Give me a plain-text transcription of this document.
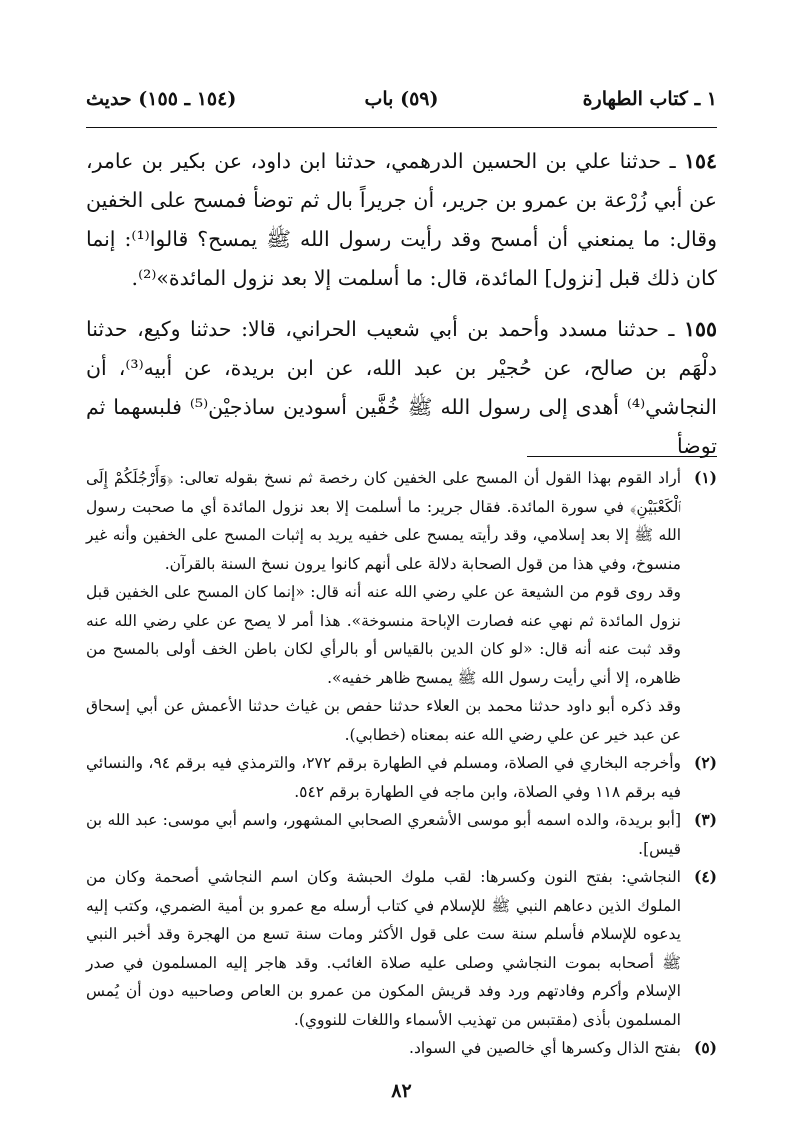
١ ـ كتاب الطهارة
(٥٩) باب
(١٥٤ ـ ١٥٥) حديث

١٥٤ ـ حدثنا علي بن الحسين الدرهمي، حدثنا ابن داود، عن بكير بن عامر، عن أبي زُرْعة بن عمرو بن جرير، أن جريراً بال ثم توضأ فمسح على الخفين وقال: ما يمنعني أن أمسح وقد رأيت رسول الله ﷺ يمسح؟ قالوا⁽¹⁾: إنما كان ذلك قبل [نزول] المائدة، قال: ما أسلمت إلا بعد نزول المائدة»⁽²⁾.

١٥٥ ـ حدثنا مسدد وأحمد بن أبي شعيب الحراني، قالا: حدثنا وكيع، حدثنا دلْهَم بن صالح، عن حُجيْر بن عبد الله، عن ابن بريدة، عن أبيه⁽³⁾، أن النجاشي⁽⁴⁾ أهدى إلى رسول الله ﷺ خُفَّين أسودين ساذجيْن⁽⁵⁾ فلبسهما ثم توضأ

(١)

أراد القوم بهذا القول أن المسح على الخفين كان رخصة ثم نسخ بقوله تعالى: ﴿وَأَرْجُلَكُمْ إِلَى ٱلْكَعْبَيْنِ﴾ في سورة المائدة. فقال جرير: ما أسلمت إلا بعد نزول المائدة أي ما صحبت رسول الله ﷺ إلا بعد إسلامي، وقد رأيته يمسح على خفيه يريد به إثبات المسح على الخفين وأنه غير منسوخ، وفي هذا من قول الصحابة دلالة على أنهم كانوا يرون نسخ السنة بالقرآن.

وقد روى قوم من الشيعة عن علي رضي الله عنه أنه قال: «إنما كان المسح على الخفين قبل نزول المائدة ثم نهي عنه فصارت الإباحة منسوخة». هذا أمر لا يصح عن علي رضي الله عنه وقد ثبت عنه أنه قال: «لو كان الدين بالقياس أو بالرأي لكان باطن الخف أولى بالمسح من ظاهره، إلا أني رأيت رسول الله ﷺ يمسح ظاهر خفيه».

وقد ذكره أبو داود حدثنا محمد بن العلاء حدثنا حفص بن غياث حدثنا الأعمش عن أبي إسحاق عن عبد خير عن علي رضي الله عنه بمعناه (خطابي).

(٢)

وأخرجه البخاري في الصلاة، ومسلم في الطهارة برقم ٢٧٢، والترمذي فيه برقم ٩٤، والنسائي فيه برقم ١١٨ وفي الصلاة، وابن ماجه في الطهارة برقم ٥٤٢.

(٣)

[أبو بريدة، والده اسمه أبو موسى الأشعري الصحابي المشهور، واسم أبي موسى: عبد الله بن قيس].

(٤)

النجاشي: بفتح النون وكسرها: لقب ملوك الحبشة وكان اسم النجاشي أصحمة وكان من الملوك الذين دعاهم النبي ﷺ للإسلام في كتاب أرسله مع عمرو بن أمية الضمري، وكتب إليه يدعوه للإسلام فأسلم سنة ست على قول الأكثر ومات سنة تسع من الهجرة وقد أخبر النبي ﷺ أصحابه بموت النجاشي وصلى عليه صلاة الغائب. وقد هاجر إليه المسلمون في صدر الإسلام وأكرم وفادتهم ورد وفد قريش المكون من عمرو بن العاص وصاحبيه دون أن يُمس المسلمون بأذى (مقتبس من تهذيب الأسماء واللغات للنووي).

(٥)

بفتح الذال وكسرها أي خالصين في السواد.

٨٢
